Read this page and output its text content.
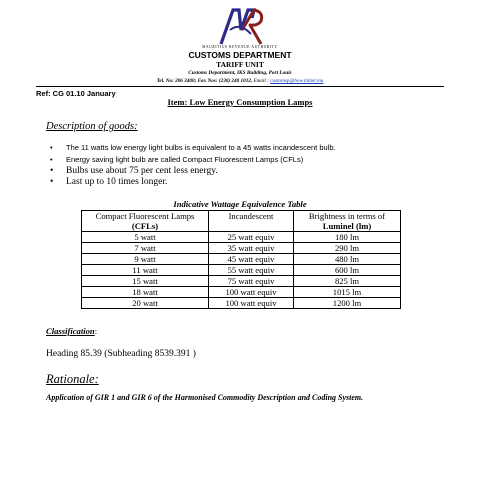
MAURITIUS REVENUE AUTHORITY
CUSTOMS DEPARTMENT
TARIFF UNIT
Customs Department, IKS Building, Port Louis
Tel. No: 206 3400; Fax Nos: (230) 240 1012, Email : customsp@bow.intnet.mu
Ref: CG 01.10 January
Item: Low Energy Consumption Lamps
Description of goods:
• The 11 watts low energy light bulbs is equivalent to a 45 watts incandescent bulb.
• Energy saving light bulb are called Compact Fluorescent Lamps (CFLs)
• Bulbs use about 75 per cent less energy.
• Last up to 10 times longer.
Indicative Wattage Equivalence Table
Compact Fluorescent Lamps	Incandescent	Brightness in terms of
(CFLs)		Luminel (lm)
5 watt	25 watt equiv	180 lm
7 watt	35 watt equiv	290 lm
9 watt	45 watt equiv	480 lm
11 watt	55 watt equiv	600 lm
15 watt	75 watt equiv	825 lm
18 watt	100 watt equiv	1015 lm
20 watt	100 watt equiv	1200 lm
Classification:
Heading 85.39 (Subheading 8539.391 )
Rationale:
Application of GIR 1 and GIR 6 of the Harmonised Commodity Description and Coding System.
